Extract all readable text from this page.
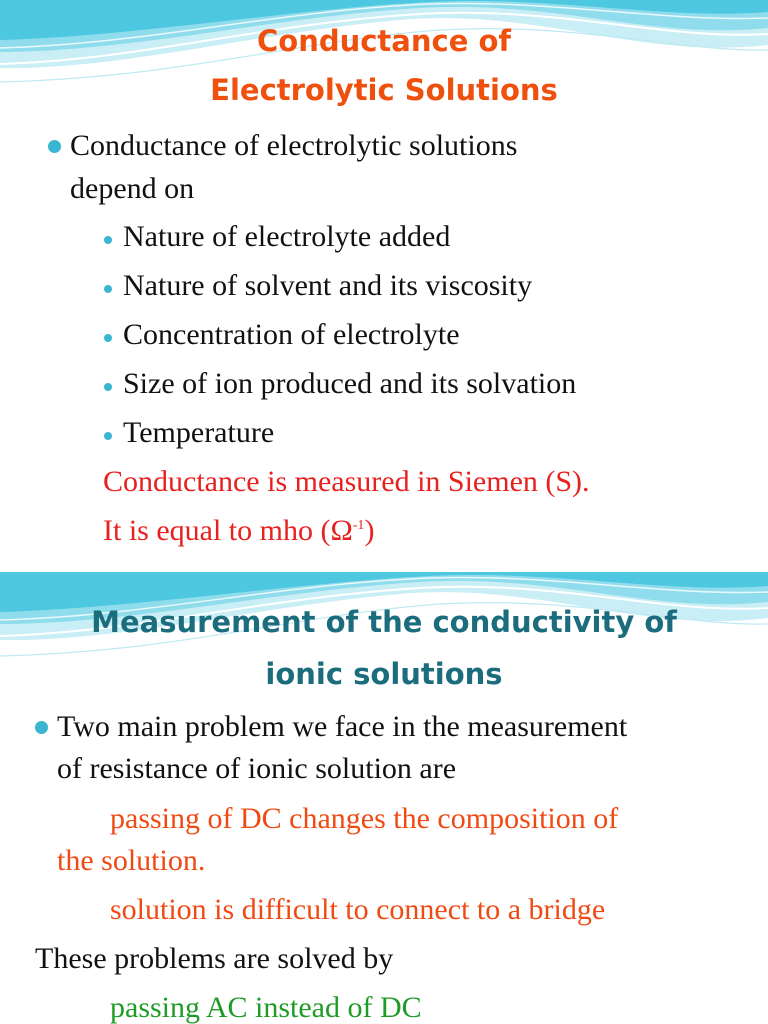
Conductance of
Electrolytic Solutions
Conductance of electrolytic solutions
depend on
Nature of electrolyte added
Nature of solvent and its viscosity
Concentration of electrolyte
Size of ion produced and its solvation
Temperature
Conductance is measured in Siemen (S).
It is equal to mho $(\Omega^{-1})$
Measurement of the conductivity of
ionic solutions
Two main problem we face in the measurement
of resistance of ionic solution are
passing of DC changes the composition of
the solution.
solution is difficult to connect to a bridge
These problems are solved by
passing AC instead of DC
